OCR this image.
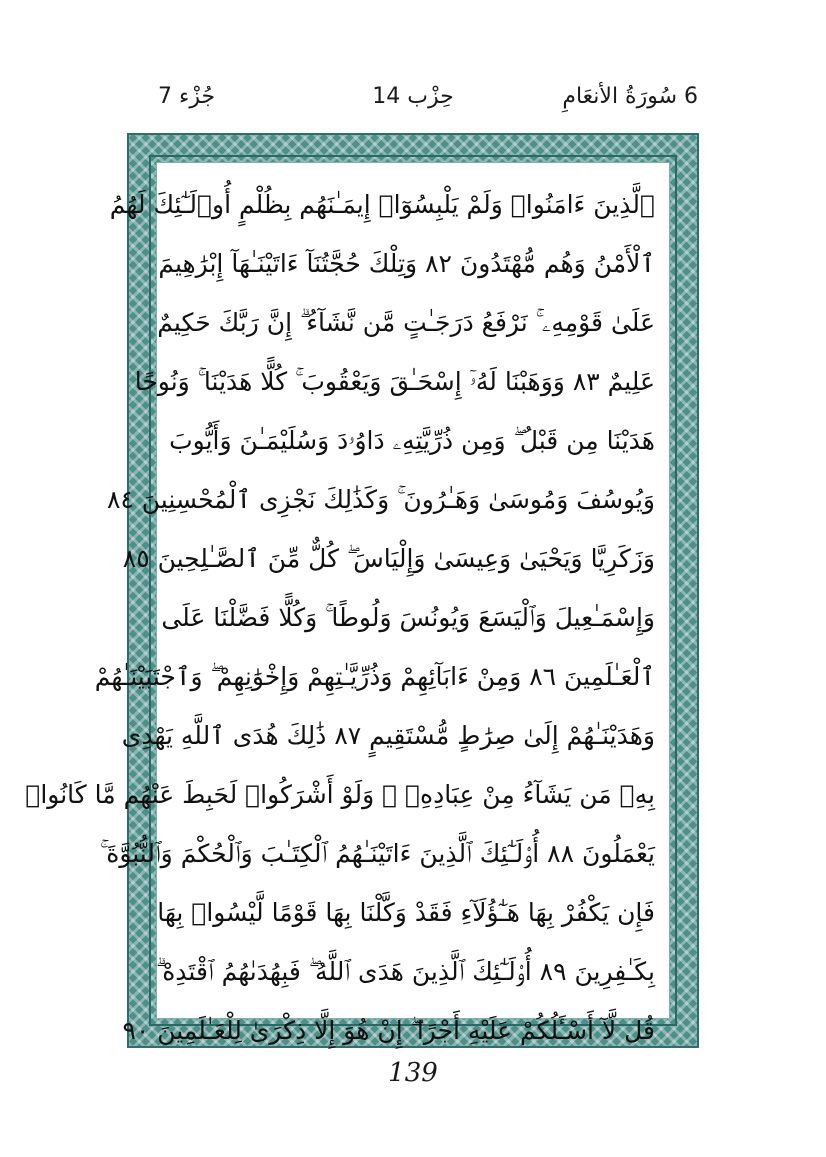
6 سُورَةُ الأنعَامِ
حِزْب 14
جُزْء 7
ٱلَّذِينَ ءَامَنُوا۟ وَلَمْ يَلْبِسُوٓا۟ إِيمَـٰنَهُم بِظُلْمٍ أُو۟لَـٰٓئِكَ لَهُمُ
ٱلْأَمْنُ وَهُم مُّهْتَدُونَ ٨٢ وَتِلْكَ حُجَّتُنَآ ءَاتَيْنَـٰهَآ إِبْرَٰهِيمَ
عَلَىٰ قَوْمِهِۦ ۚ نَرْفَعُ دَرَجَـٰتٍ مَّن نَّشَآءُ ۗ إِنَّ رَبَّكَ حَكِيمٌ
عَلِيمٌ ٨٣ وَوَهَبْنَا لَهُۥٓ إِسْحَـٰقَ وَيَعْقُوبَ ۚ كُلًّا هَدَيْنَا ۚ وَنُوحًا
هَدَيْنَا مِن قَبْلُ ۖ وَمِن ذُرِّيَّتِهِۦ دَاوُۥدَ وَسُلَيْمَـٰنَ وَأَيُّوبَ
وَيُوسُفَ وَمُوسَىٰ وَهَـٰرُونَ ۚ وَكَذَٰلِكَ نَجْزِى ٱلْمُحْسِنِينَ ٨٤
وَزَكَرِيَّا وَيَحْيَىٰ وَعِيسَىٰ وَإِلْيَاسَ ۖ كُلٌّ مِّنَ ٱلصَّـٰلِحِينَ ٨٥
وَإِسْمَـٰعِيلَ وَٱلْيَسَعَ وَيُونُسَ وَلُوطًا ۚ وَكُلًّا فَضَّلْنَا عَلَى
ٱلْعَـٰلَمِينَ ٨٦ وَمِنْ ءَابَآئِهِمْ وَذُرِّيَّـٰتِهِمْ وَإِخْوَٰنِهِمْ ۖ وَٱجْتَبَيْنَـٰهُمْ
وَهَدَيْنَـٰهُمْ إِلَىٰ صِرَٰطٍ مُّسْتَقِيمٍ ٨٧ ذَٰلِكَ هُدَى ٱللَّهِ يَهْدِى
بِهِۦ مَن يَشَآءُ مِنْ عِبَادِهِۦ ۚ وَلَوْ أَشْرَكُوا۟ لَحَبِطَ عَنْهُم مَّا كَانُوا۟
يَعْمَلُونَ ٨٨ أُو۟لَـٰٓئِكَ ٱلَّذِينَ ءَاتَيْنَـٰهُمُ ٱلْكِتَـٰبَ وَٱلْحُكْمَ وَٱلنُّبُوَّةَ ۚ
فَإِن يَكْفُرْ بِهَا هَـٰٓؤُلَآءِ فَقَدْ وَكَّلْنَا بِهَا قَوْمًا لَّيْسُوا۟ بِهَا
بِكَـٰفِرِينَ ٨٩ أُو۟لَـٰٓئِكَ ٱلَّذِينَ هَدَى ٱللَّهُ ۖ فَبِهُدَىٰهُمُ ٱقْتَدِهْ ۗ
قُل لَّآ أَسْـَٔلُكُمْ عَلَيْهِ أَجْرًا ۖ إِنْ هُوَ إِلَّا ذِكْرَىٰ لِلْعَـٰلَمِينَ ٩٠
139
